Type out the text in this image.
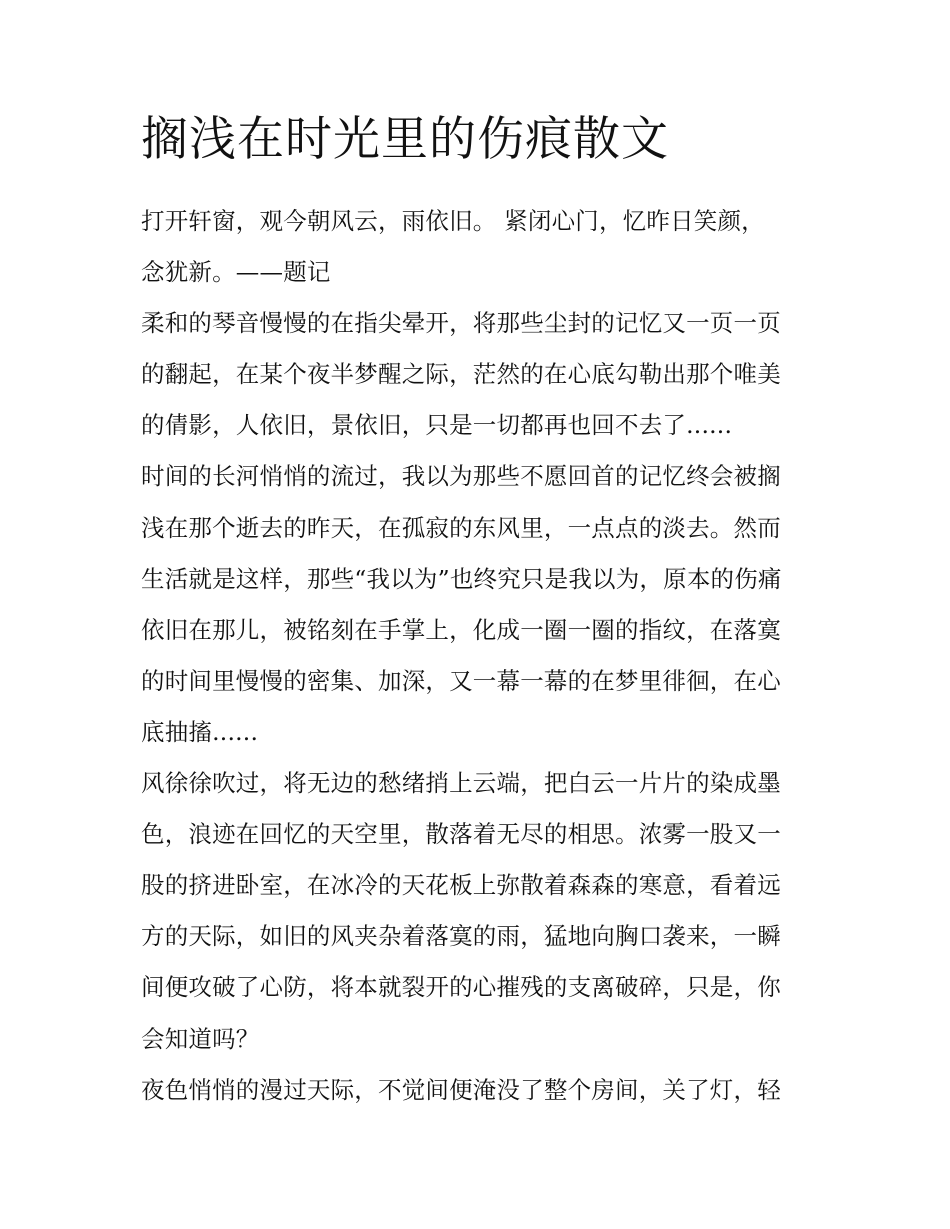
搁浅在时光里的伤痕散文
打开轩窗，观今朝风云，雨依旧。 紧闭心门，忆昨日笑颜，
念犹新。——题记
柔和的琴音慢慢的在指尖晕开，将那些尘封的记忆又一页一页
的翻起，在某个夜半梦醒之际，茫然的在心底勾勒出那个唯美
的倩影，人依旧，景依旧，只是一切都再也回不去了......
时间的长河悄悄的流过，我以为那些不愿回首的记忆终会被搁
浅在那个逝去的昨天，在孤寂的东风里，一点点的淡去。然而
生活就是这样，那些“我以为”也终究只是我以为，原本的伤痛
依旧在那儿，被铭刻在手掌上，化成一圈一圈的指纹，在落寞
的时间里慢慢的密集、加深，又一幕一幕的在梦里徘徊，在心
底抽搐......
风徐徐吹过，将无边的愁绪捎上云端，把白云一片片的染成墨
色，浪迹在回忆的天空里，散落着无尽的相思。浓雾一股又一
股的挤进卧室，在冰冷的天花板上弥散着森森的寒意，看着远
方的天际，如旧的风夹杂着落寞的雨，猛地向胸口袭来，一瞬
间便攻破了心防，将本就裂开的心摧残的支离破碎，只是，你
会知道吗？
夜色悄悄的漫过天际，不觉间便淹没了整个房间，关了灯，轻
